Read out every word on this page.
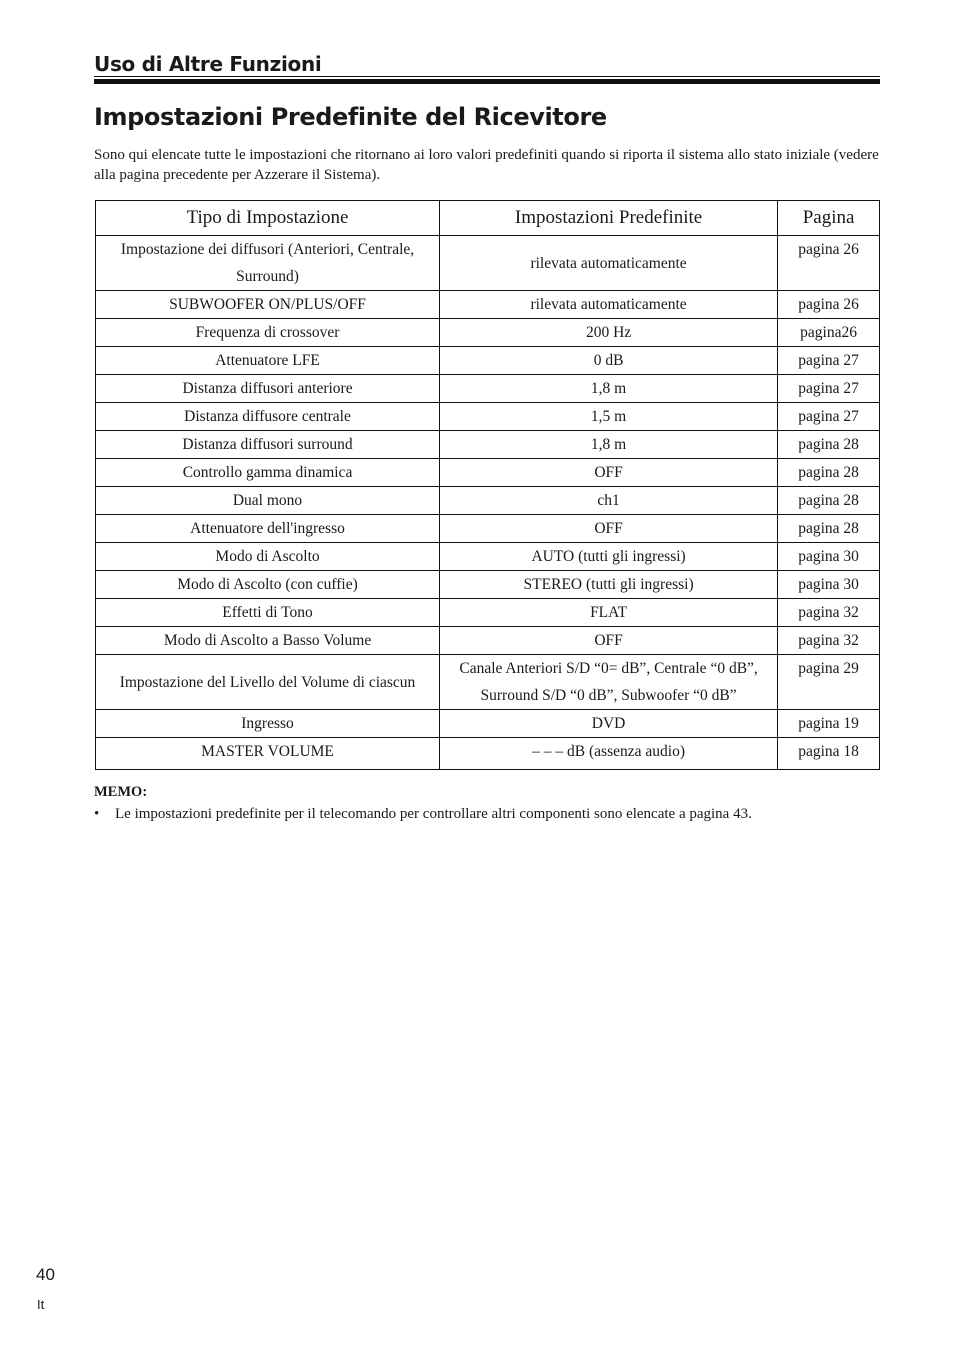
Uso di Altre Funzioni
Impostazioni Predefinite del Ricevitore

Sono qui elencate tutte le impostazioni che ritornano ai loro valori predefiniti quando si riporta il sistema allo stato iniziale (vedere alla pagina precedente per Azzerare il Sistema).

Tipo di Impostazione	Impostazioni Predefinite	Pagina
Impostazione dei diffusori (Anteriori, Centrale, Surround)	rilevata automaticamente	pagina 26
SUBWOOFER ON/PLUS/OFF	rilevata automaticamente	pagina 26
Frequenza di crossover	200 Hz	pagina26
Attenuatore LFE	0 dB	pagina 27
Distanza diffusori anteriore	1,8 m	pagina 27
Distanza diffusore centrale	1,5 m	pagina 27
Distanza diffusori surround	1,8 m	pagina 28
Controllo gamma dinamica	OFF	pagina 28
Dual mono	ch1	pagina 28
Attenuatore dell'ingresso	OFF	pagina 28
Modo di Ascolto	AUTO (tutti gli ingressi)	pagina 30
Modo di Ascolto (con cuffie)	STEREO (tutti gli ingressi)	pagina 30
Effetti di Tono	FLAT	pagina 32
Modo di Ascolto a Basso Volume	OFF	pagina 32
Impostazione del Livello del Volume di ciascun	Canale Anteriori S/D “0= dB”, Centrale “0 dB”, Surround S/D “0 dB”, Subwoofer “0 dB”	pagina 29
Ingresso	DVD	pagina 19
MASTER VOLUME	– – – dB (assenza audio)	pagina 18
MEMO:
• Le impostazioni predefinite per il telecomando per controllare altri componenti sono elencate a pagina 43.
40
It
